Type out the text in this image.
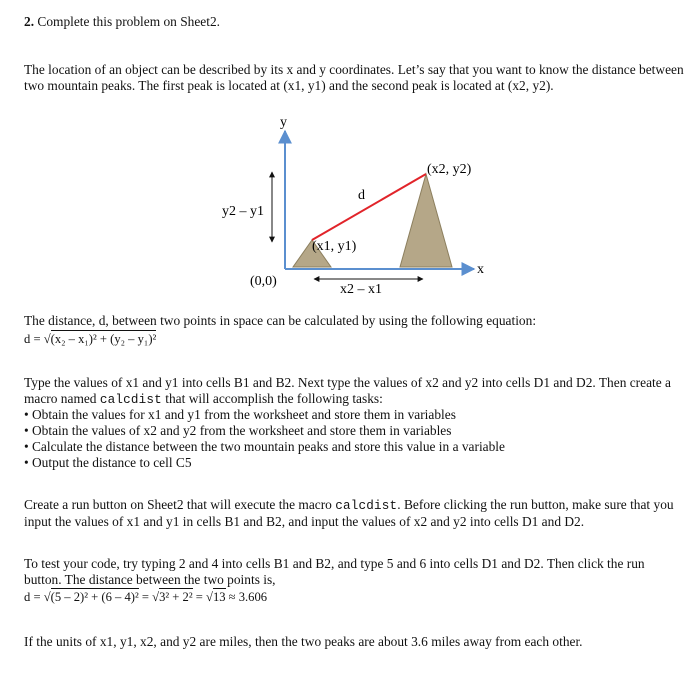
2. Complete this problem on Sheet2.

The location of an object can be described by its x and y coordinates. Let’s say that you want to know the distance between two mountain peaks. The first peak is located at (x1, y1) and the second peak is located at (x2, y2).

y
x
(0,0)
(x1, y1)
(x2, y2)
d
y2 – y1
x2 – x1

The distance, d, between two points in space can be calculated by using the following equation:

d = √(x₂ – x₁)² + (y₂ – y₁)²

Type the values of x1 and y1 into cells B1 and B2. Next type the values of x2 and y2 into cells D1 and D2. Then create a macro named calcdist that will accomplish the following tasks:

• Obtain the values for x1 and y1 from the worksheet and store them in variables
• Obtain the values of x2 and y2 from the worksheet and store them in variables
• Calculate the distance between the two mountain peaks and store this value in a variable
• Output the distance to cell C5

Create a run button on Sheet2 that will execute the macro calcdist. Before clicking the run button, make sure that you input the values of x1 and y1 in cells B1 and B2, and input the values of x2 and y2 into cells D1 and D2.

To test your code, try typing 2 and 4 into cells B1 and B2, and type 5 and 6 into cells D1 and D2. Then click the run button. The distance between the two points is,

d = √(5 – 2)² + (6 – 4)² = √3² + 2² = √13 ≈ 3.606

If the units of x1, y1, x2, and y2 are miles, then the two peaks are about 3.6 miles away from each other.
